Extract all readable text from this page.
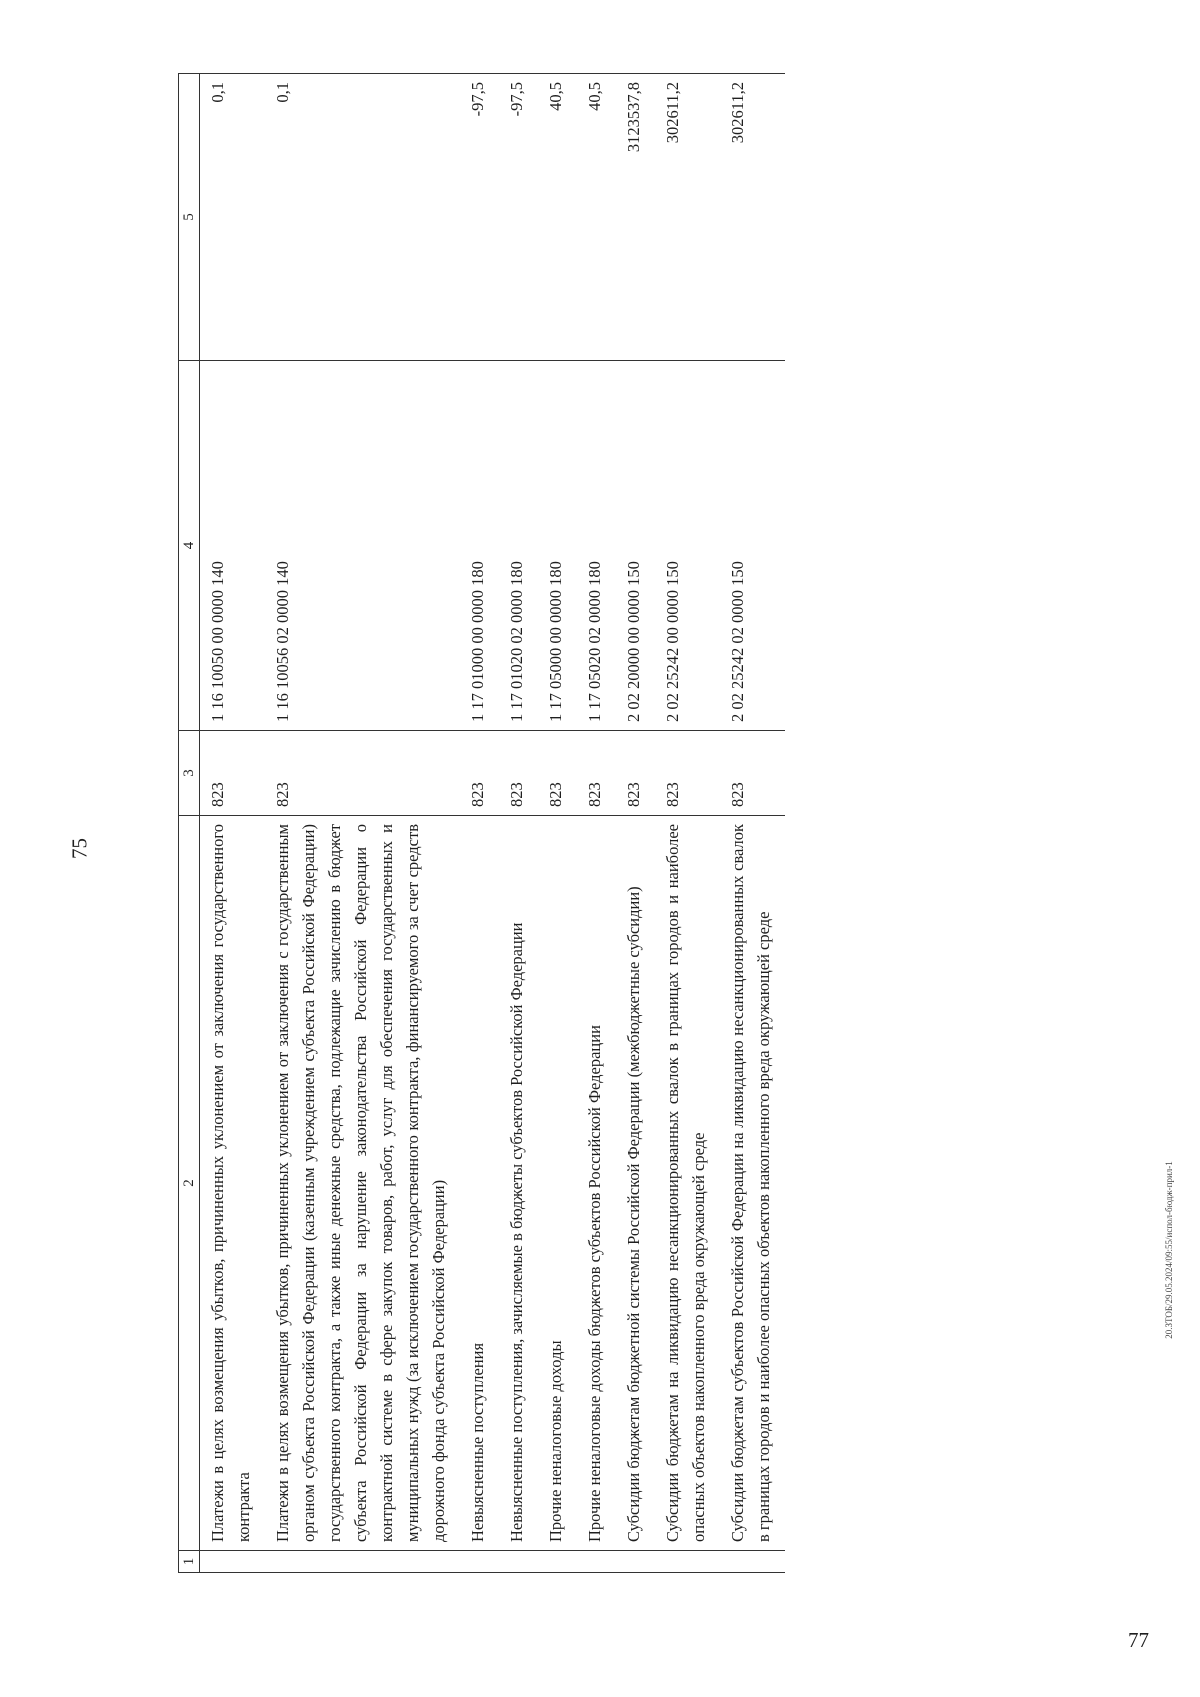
75
77
20.ЗТОБ/29.05.2024/09:55/испол-бюдж-прил-1
1	2	3	4	5
	Платежи в целях возмещения убытков, причиненных уклонением от заключения государственного контракта	823	1 16 10050 00 0000 140	0,1
	Платежи в целях возмещения убытков, причиненных уклонением от заключения с государственным органом субъекта Российской Федерации (казенным учреждением субъекта Российской Федерации) государственного контракта, а также иные денежные средства, подлежащие зачислению в бюджет субъекта Российской Федерации за нарушение законодательства Российской Федерации о контрактной системе в сфере закупок товаров, работ, услуг для обеспечения государственных и муниципальных нужд (за исключением государственного контракта, финансируемого за счет средств дорожного фонда субъекта Российской Федерации)	823	1 16 10056 02 0000 140	0,1
	Невыясненные поступления	823	1 17 01000 00 0000 180	-97,5
	Невыясненные поступления, зачисляемые в бюджеты субъектов Российской Федерации	823	1 17 01020 02 0000 180	-97,5
	Прочие неналоговые доходы	823	1 17 05000 00 0000 180	40,5
	Прочие неналоговые доходы бюджетов субъектов Российской Федерации	823	1 17 05020 02 0000 180	40,5
	Субсидии бюджетам бюджетной системы Российской Федерации (межбюджетные субсидии)	823	2 02 20000 00 0000 150	3123537,8
	Субсидии бюджетам на ликвидацию несанкционированных свалок в границах городов и наиболее опасных объектов накопленного вреда окружающей среде	823	2 02 25242 00 0000 150	302611,2
	Субсидии бюджетам субъектов Российской Федерации на ликвидацию несанкционированных свалок в границах городов и наиболее опасных объектов накопленного вреда окружающей среде	823	2 02 25242 02 0000 150	302611,2
